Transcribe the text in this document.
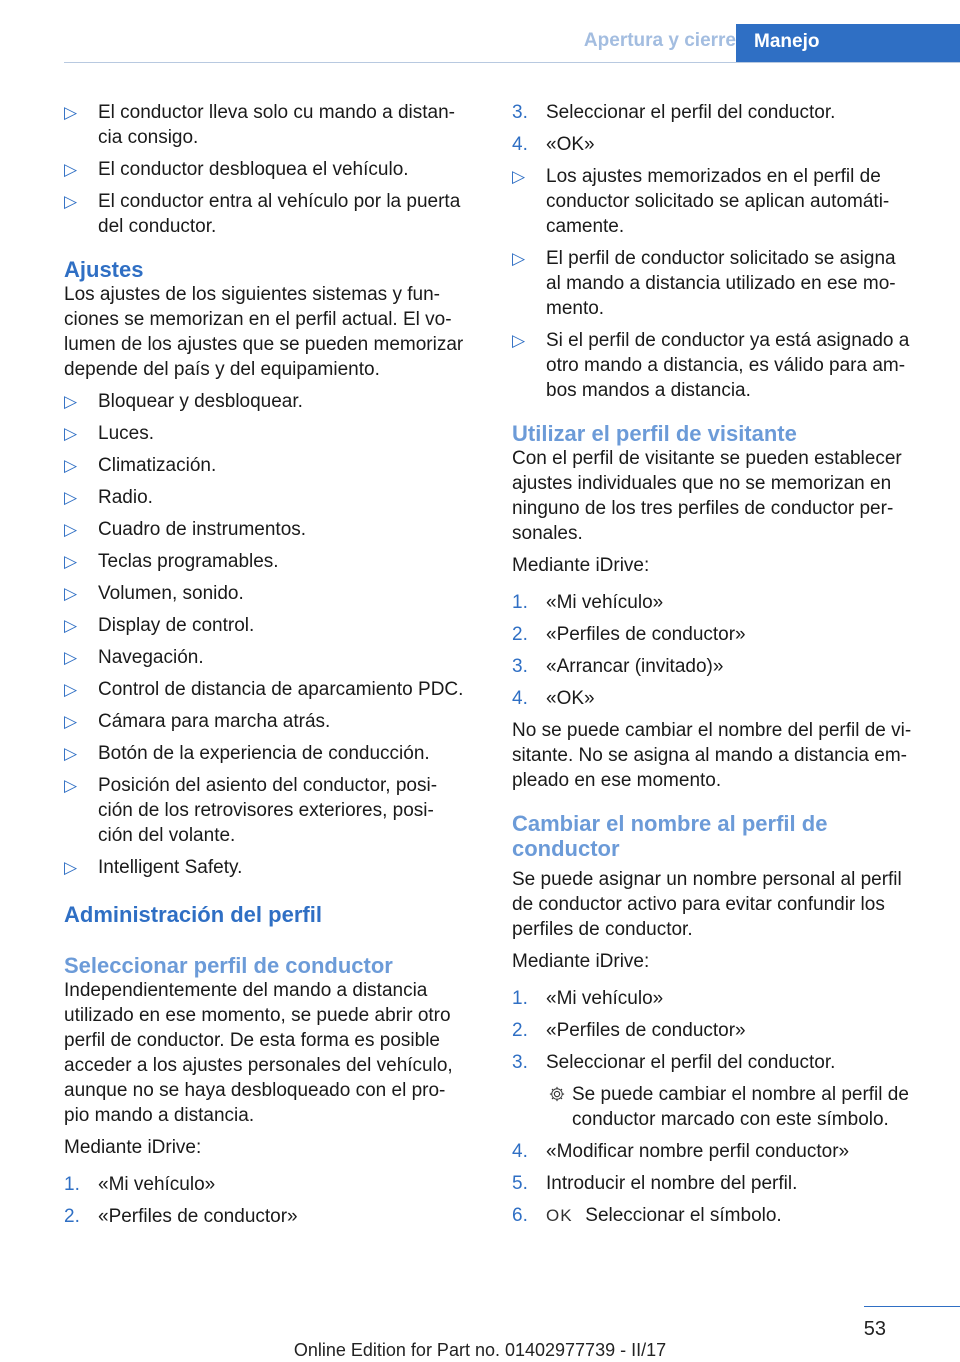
Apertura y cierre Manejo
▷ El conductor lleva solo cu mando a distan-
cia consigo.
▷ El conductor desbloquea el vehículo.
▷ El conductor entra al vehículo por la puerta
del conductor.
Ajustes
Los ajustes de los siguientes sistemas y fun-
ciones se memorizan en el perfil actual. El vo-
lumen de los ajustes que se pueden memorizar
depende del país y del equipamiento.
▷ Bloquear y desbloquear.
▷ Luces.
▷ Climatización.
▷ Radio.
▷ Cuadro de instrumentos.
▷ Teclas programables.
▷ Volumen, sonido.
▷ Display de control.
▷ Navegación.
▷ Control de distancia de aparcamiento PDC.
▷ Cámara para marcha atrás.
▷ Botón de la experiencia de conducción.
▷ Posición del asiento del conductor, posi-
ción de los retrovisores exteriores, posi-
ción del volante.
▷ Intelligent Safety.
Administración del perfil
Seleccionar perfil de conductor
Independientemente del mando a distancia
utilizado en ese momento, se puede abrir otro
perfil de conductor. De esta forma es posible
acceder a los ajustes personales del vehículo,
aunque no se haya desbloqueado con el pro-
pio mando a distancia.
Mediante iDrive:
1. «Mi vehículo»
2. «Perfiles de conductor»
3. Seleccionar el perfil del conductor.
4. «OK»
▷ Los ajustes memorizados en el perfil de
conductor solicitado se aplican automáti-
camente.
▷ El perfil de conductor solicitado se asigna
al mando a distancia utilizado en ese mo-
mento.
▷ Si el perfil de conductor ya está asignado a
otro mando a distancia, es válido para am-
bos mandos a distancia.
Utilizar el perfil de visitante
Con el perfil de visitante se pueden establecer
ajustes individuales que no se memorizan en
ninguno de los tres perfiles de conductor per-
sonales.
Mediante iDrive:
1. «Mi vehículo»
2. «Perfiles de conductor»
3. «Arrancar (invitado)»
4. «OK»
No se puede cambiar el nombre del perfil de vi-
sitante. No se asigna al mando a distancia em-
pleado en ese momento.
Cambiar el nombre al perfil de
conductor
Se puede asignar un nombre personal al perfil
de conductor activo para evitar confundir los
perfiles de conductor.
Mediante iDrive:
1. «Mi vehículo»
2. «Perfiles de conductor»
3. Seleccionar el perfil del conductor.
Se puede cambiar el nombre al perfil de
conductor marcado con este símbolo.
4. «Modificar nombre perfil conductor»
5. Introducir el nombre del perfil.
6. OK Seleccionar el símbolo.
53
Online Edition for Part no. 01402977739 - II/17
